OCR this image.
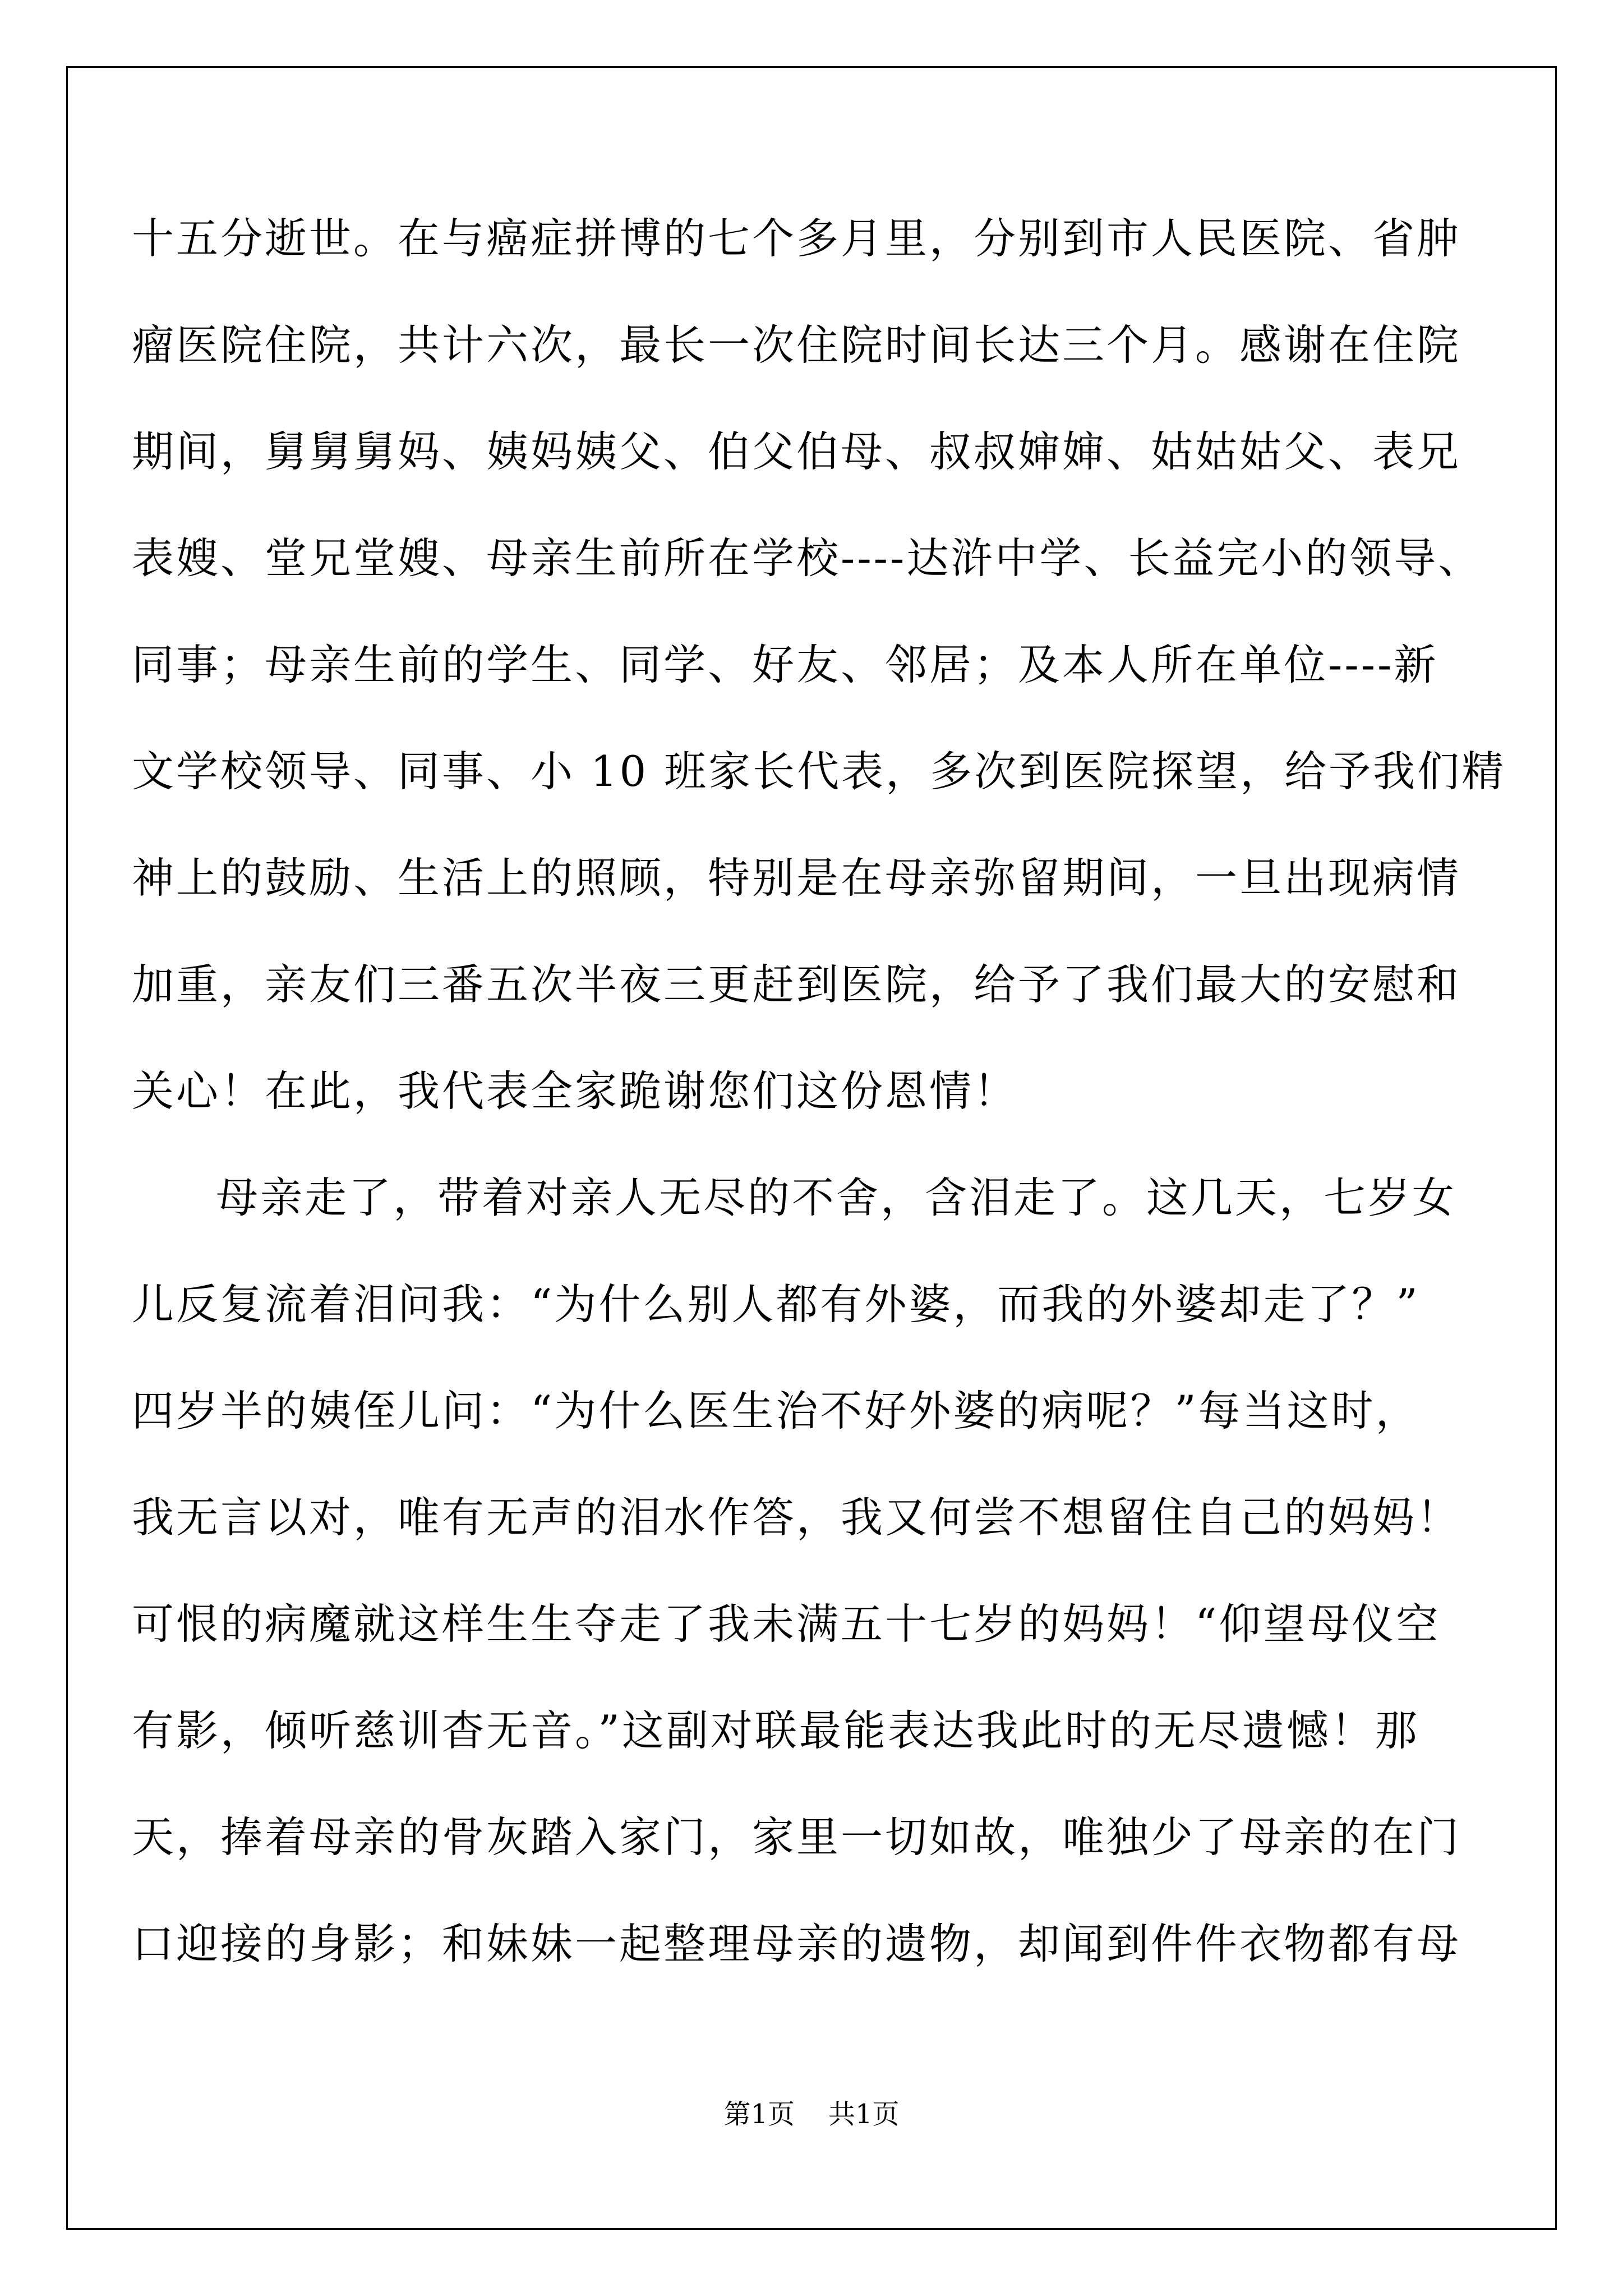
十五分逝世。在与癌症拼博的七个多月里，分别到市人民医院、省肿
瘤医院住院，共计六次，最长一次住院时间长达三个月。感谢在住院
期间，舅舅舅妈、姨妈姨父、伯父伯母、叔叔婶婶、姑姑姑父、表兄
表嫂、堂兄堂嫂、母亲生前所在学校----达浒中学、长益完小的领导、
同事；母亲生前的学生、同学、好友、邻居；及本人所在单位----新
文学校领导、同事、小 10 班家长代表，多次到医院探望，给予我们精
神上的鼓励、生活上的照顾，特别是在母亲弥留期间，一旦出现病情
加重，亲友们三番五次半夜三更赶到医院，给予了我们最大的安慰和
关心！在此，我代表全家跪谢您们这份恩情！
母亲走了，带着对亲人无尽的不舍，含泪走了。这几天，七岁女
儿反复流着泪问我：“为什么别人都有外婆，而我的外婆却走了？”
四岁半的姨侄儿问：“为什么医生治不好外婆的病呢？”每当这时，
我无言以对，唯有无声的泪水作答，我又何尝不想留住自己的妈妈！
可恨的病魔就这样生生夺走了我未满五十七岁的妈妈！“仰望母仪空
有影，倾听慈训杳无音。”这副对联最能表达我此时的无尽遗憾！那
天，捧着母亲的骨灰踏入家门，家里一切如故，唯独少了母亲的在门
口迎接的身影；和妹妹一起整理母亲的遗物，却闻到件件衣物都有母
第1页 共1页
